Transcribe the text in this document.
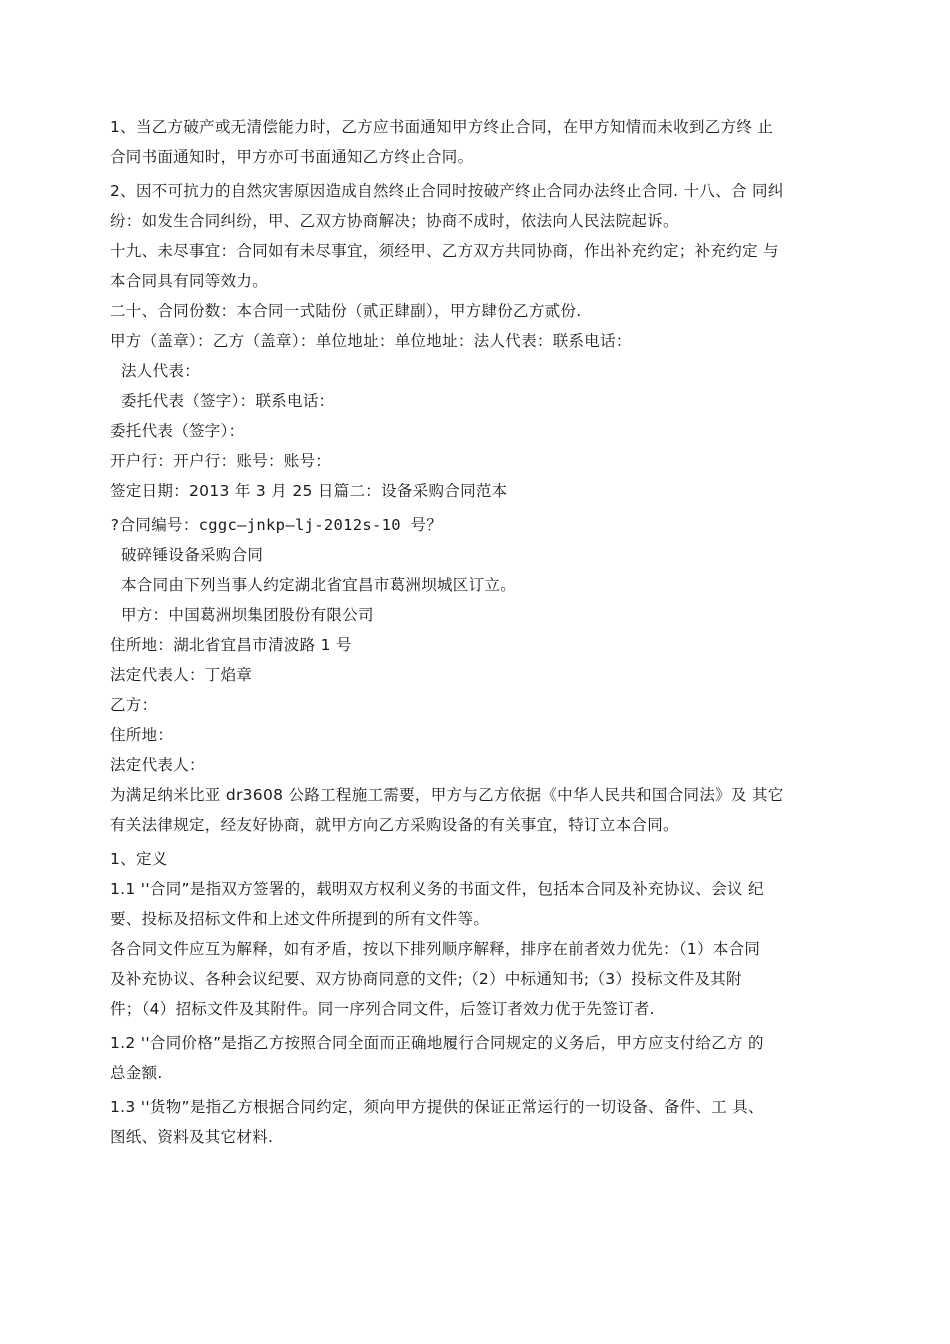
1、当乙方破产或无清偿能力时，乙方应书面通知甲方终止合同，在甲方知情而未收到乙方终 止
合同书面通知时，甲方亦可书面通知乙方终止合同。
2、因不可抗力的自然灾害原因造成自然终止合同时按破产终止合同办法终止合同. 十八、合 同纠
纷：如发生合同纠纷，甲、乙双方协商解决；协商不成时，依法向人民法院起诉。
十九、未尽事宜：合同如有未尽事宜，须经甲、乙方双方共同协商，作出补充约定；补充约定 与
本合同具有同等效力。
二十、合同份数：本合同一式陆份（贰正肆副），甲方肆份乙方贰份.
甲方（盖章）：乙方（盖章）：单位地址：单位地址：法人代表：联系电话：
法人代表：
委托代表（签字）：联系电话：
委托代表（签字）：
开户行：开户行：账号：账号：
签定日期：2013 年 3 月 25 日篇二：设备采购合同范本
?合同编号：cggc—jnkp—lj-2012s-10 号？
破碎锤设备采购合同
本合同由下列当事人约定湖北省宜昌市葛洲坝城区订立。
甲方：中国葛洲坝集团股份有限公司
住所地：湖北省宜昌市清波路 1 号
法定代表人：丁焰章
乙方：
住所地：
法定代表人：
为满足纳米比亚 dr3608 公路工程施工需要，甲方与乙方依据《中华人民共和国合同法》及 其它
有关法律规定，经友好协商，就甲方向乙方采购设备的有关事宜，特订立本合同。
1、定义
1.1 ''合同”是指双方签署的，载明双方权利义务的书面文件，包括本合同及补充协议、会议 纪
要、投标及招标文件和上述文件所提到的所有文件等。
各合同文件应互为解释，如有矛盾，按以下排列顺序解释，排序在前者效力优先：（1）本合同
及补充协议、各种会议纪要、双方协商同意的文件;（2）中标通知书;（3）投标文件及其附
件；（4）招标文件及其附件。同一序列合同文件，后签订者效力优于先签订者.
1.2 ''合同价格”是指乙方按照合同全面而正确地履行合同规定的义务后，甲方应支付给乙方 的
总金额.
1.3 ''货物”是指乙方根据合同约定，须向甲方提供的保证正常运行的一切设备、备件、工 具、
图纸、资料及其它材料.
